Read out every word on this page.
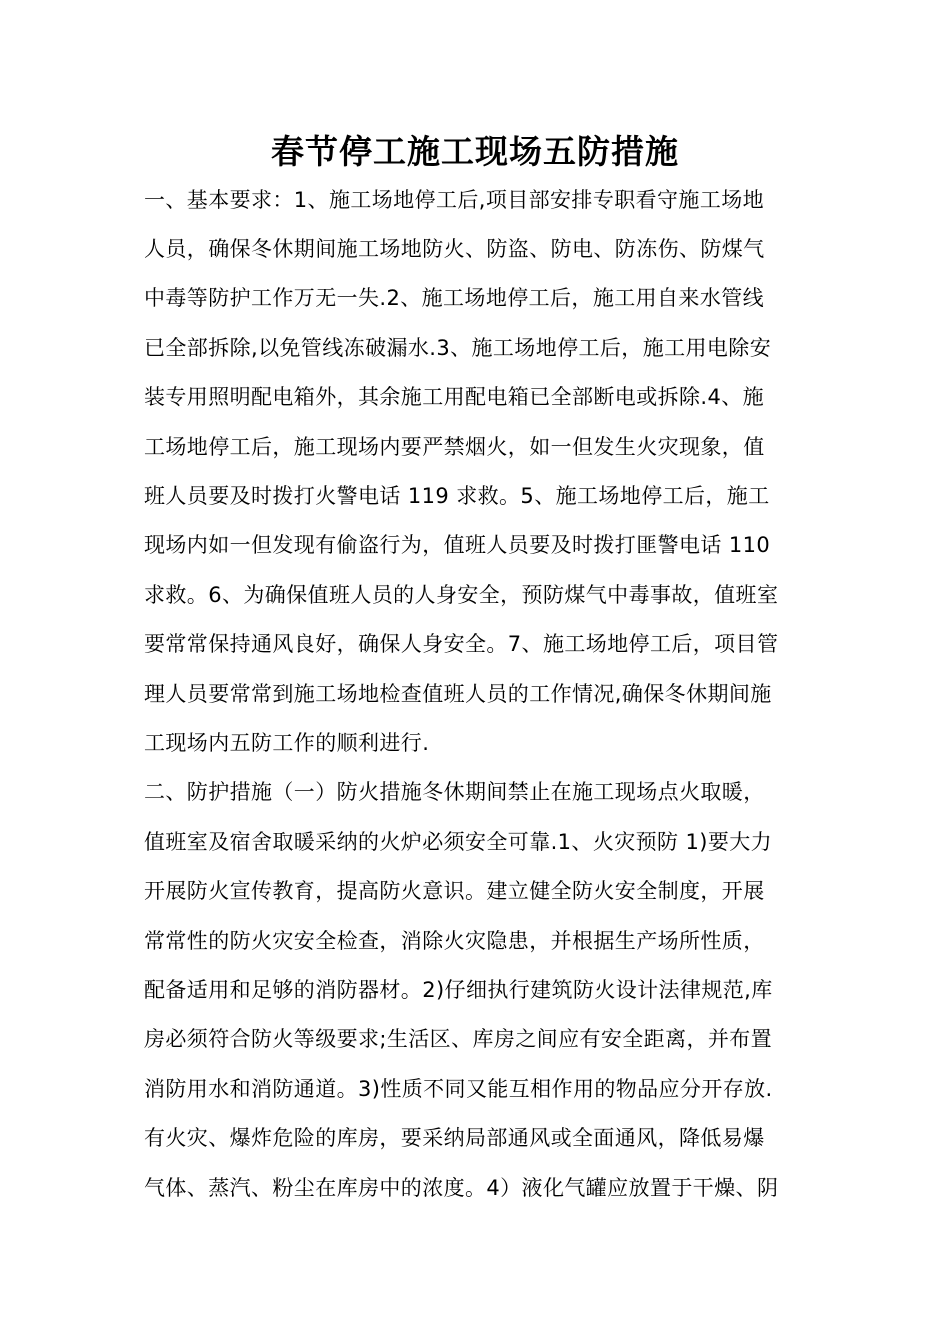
春节停工施工现场五防措施
一、基本要求：1、施工场地停工后,项目部安排专职看守施工场地
人员，确保冬休期间施工场地防火、防盗、防电、防冻伤、防煤气
中毒等防护工作万无一失.2、施工场地停工后，施工用自来水管线
已全部拆除,以免管线冻破漏水.3、施工场地停工后，施工用电除安
装专用照明配电箱外，其余施工用配电箱已全部断电或拆除.4、施
工场地停工后，施工现场内要严禁烟火，如一但发生火灾现象，值
班人员要及时拨打火警电话 119 求救。5、施工场地停工后，施工
现场内如一但发现有偷盗行为，值班人员要及时拨打匪警电话 110
求救。6、为确保值班人员的人身安全，预防煤气中毒事故，值班室
要常常保持通风良好，确保人身安全。7、施工场地停工后，项目管
理人员要常常到施工场地检查值班人员的工作情况,确保冬休期间施
工现场内五防工作的顺利进行.
二、防护措施（一）防火措施冬休期间禁止在施工现场点火取暖，
值班室及宿舍取暖采纳的火炉必须安全可靠.1、火灾预防 1)要大力
开展防火宣传教育，提高防火意识。建立健全防火安全制度，开展
常常性的防火灾安全检查，消除火灾隐患，并根据生产场所性质，
配备适用和足够的消防器材。2)仔细执行建筑防火设计法律规范,库
房必须符合防火等级要求;生活区、库房之间应有安全距离，并布置
消防用水和消防通道。3)性质不同又能互相作用的物品应分开存放.
有火灾、爆炸危险的库房，要采纳局部通风或全面通风，降低易爆
气体、蒸汽、粉尘在库房中的浓度。4）液化气罐应放置于干燥、阴
